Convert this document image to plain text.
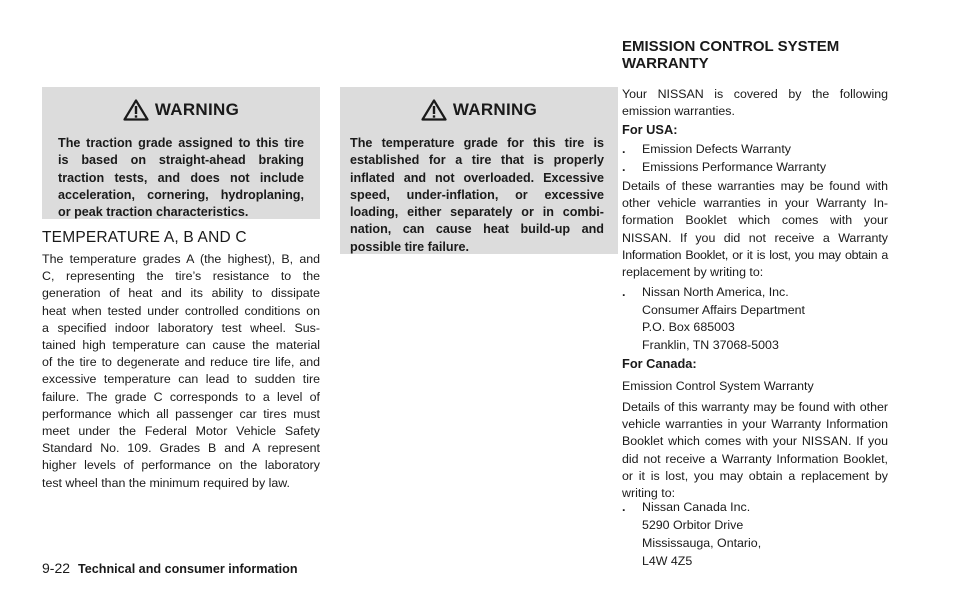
WARNING
The traction grade assigned to this tire
is based on straight-ahead braking
traction tests, and does not include
acceleration, cornering, hydroplaning,
or peak traction characteristics.
TEMPERATURE A, B AND C
The temperature grades A (the highest), B, and
C, representing the tire’s resistance to the
generation of heat and its ability to dissipate
heat when tested under controlled conditions on
a specified indoor laboratory test wheel. Sus-
tained high temperature can cause the material
of the tire to degenerate and reduce tire life, and
excessive temperature can lead to sudden tire
failure. The grade C corresponds to a level of
performance which all passenger car tires must
meet under the Federal Motor Vehicle Safety
Standard No. 109. Grades B and A represent
higher levels of performance on the laboratory
test wheel than the minimum required by law.
WARNING
The temperature grade for this tire is
established for a tire that is properly
inflated and not overloaded. Excessive
speed, under-inflation, or excessive
loading, either separately or in combi-
nation, can cause heat build-up and
possible tire failure.
EMISSION CONTROL SYSTEM
WARRANTY
Your NISSAN is covered by the following
emission warranties.
For USA:
. Emission Defects Warranty
. Emissions Performance Warranty
Details of these warranties may be found with
other vehicle warranties in your Warranty In-
formation Booklet which comes with your
NISSAN. If you did not receive a Warranty
Information Booklet, or it is lost, you may obtain a
replacement by writing to:
. Nissan North America, Inc.
Consumer Affairs Department
P.O. Box 685003
Franklin, TN 37068-5003
For Canada:
Emission Control System Warranty
Details of this warranty may be found with other
vehicle warranties in your Warranty Information
Booklet which comes with your NISSAN. If you
did not receive a Warranty Information Booklet,
or it is lost, you may obtain a replacement by
writing to:
. Nissan Canada Inc.
5290 Orbitor Drive
Mississauga, Ontario,
L4W 4Z5
9-22 Technical and consumer information
